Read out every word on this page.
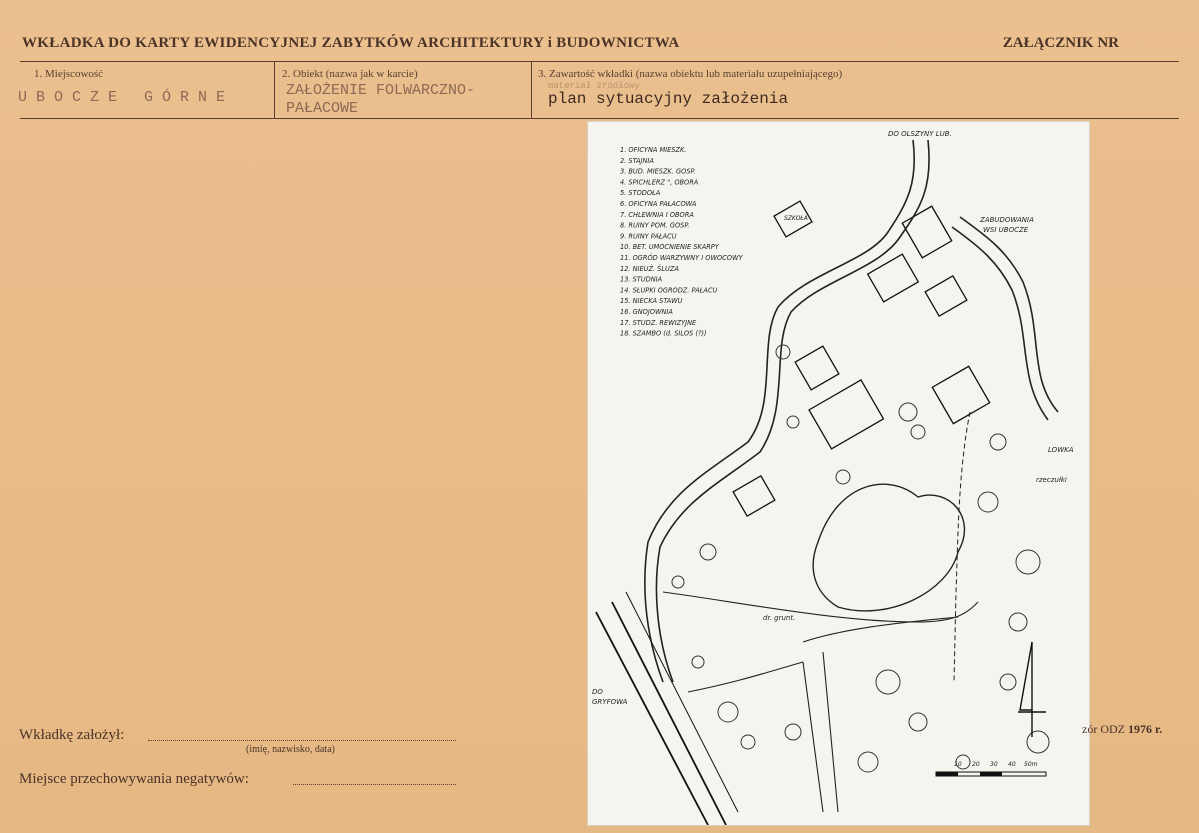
WKŁADKA DO KARTY EWIDENCYJNEJ ZABYTKÓW ARCHITEKTURY i BUDOWNICTWA	ZAŁĄCZNIK NR
1. Miejscowość
UBOCZE GÓRNE
2. Obiekt (nazwa jak w karcie)
ZAŁOŻENIE FOLWARCZNO-
PAŁACOWE
3. Zawartość wkładki (nazwa obiektu lub materiału uzupełniającego)
materiał źródłowy
plan sytuacyjny założenia
1. OFICYNA MIESZK.
2. STAJNIA
3. BUD. MIESZK. GOSP.
4. SPICHLERZ ", OBORA
5. STODOŁA
6. OFICYNA PAŁACOWA
7. CHLEWNIA I OBORA
8. RUINY POM. GOSP.
9. RUINY PAŁACU
10. BET. UMOCNIENIE SKARPY
11. OGRÓD WARZYWNY I OWOCOWY
12. NIEUŻ. ŚLUZA
13. STUDNIA
14. SŁUPKI OGRODZ. PAŁACU
15. NIECKA STAWU
16. GNOJOWNIA
17. STUDZ. REWIZYJNE
18. SZAMBO (d. SILOS (?))
DO OLSZYNY LUB.
SZKOŁA	ZABUDOWANIA
WSI UBOCZE
LOWKA
dr. grunt.
DO
GRYFOWA
rzeczułki
10 20 30 40 50m
Wkładkę założył:
(imię, nazwisko, data)
Miejsce przechowywania negatywów:
zór ODZ 1976 r.
